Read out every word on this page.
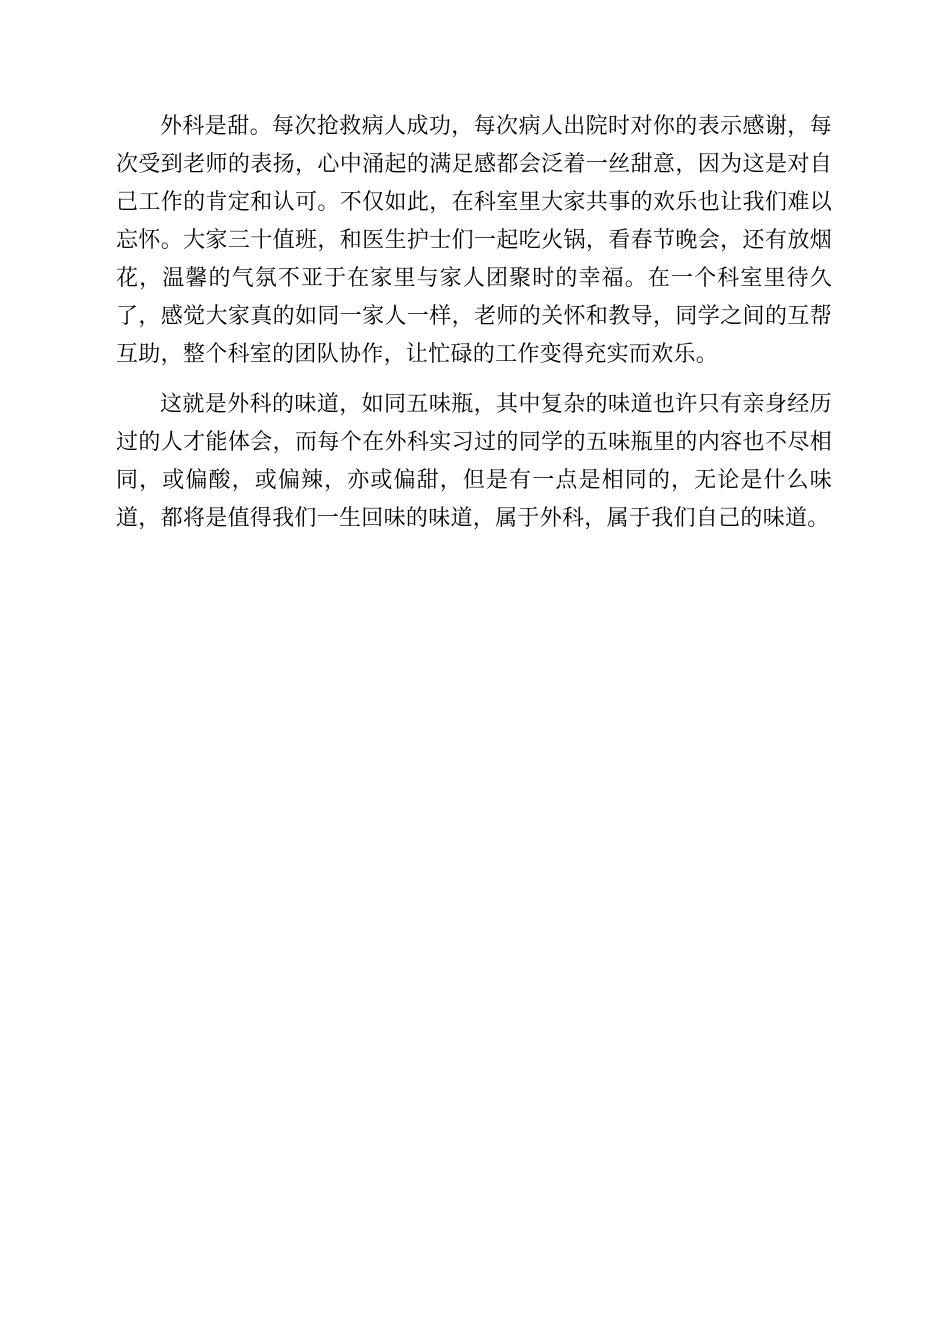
外科是甜。每次抢救病人成功，每次病人出院时对你的表示感谢，每次受到老师的表扬，心中涌起的满足感都会泛着一丝甜意，因为这是对自己工作的肯定和认可。不仅如此，在科室里大家共事的欢乐也让我们难以忘怀。大家三十值班，和医生护士们一起吃火锅，看春节晚会，还有放烟花，温馨的气氛不亚于在家里与家人团聚时的幸福。在一个科室里待久了，感觉大家真的如同一家人一样，老师的关怀和教导，同学之间的互帮互助，整个科室的团队协作，让忙碌的工作变得充实而欢乐。

这就是外科的味道，如同五味瓶，其中复杂的味道也许只有亲身经历过的人才能体会，而每个在外科实习过的同学的五味瓶里的内容也不尽相同，或偏酸，或偏辣，亦或偏甜，但是有一点是相同的，无论是什么味道，都将是值得我们一生回味的味道，属于外科，属于我们自己的味道。
